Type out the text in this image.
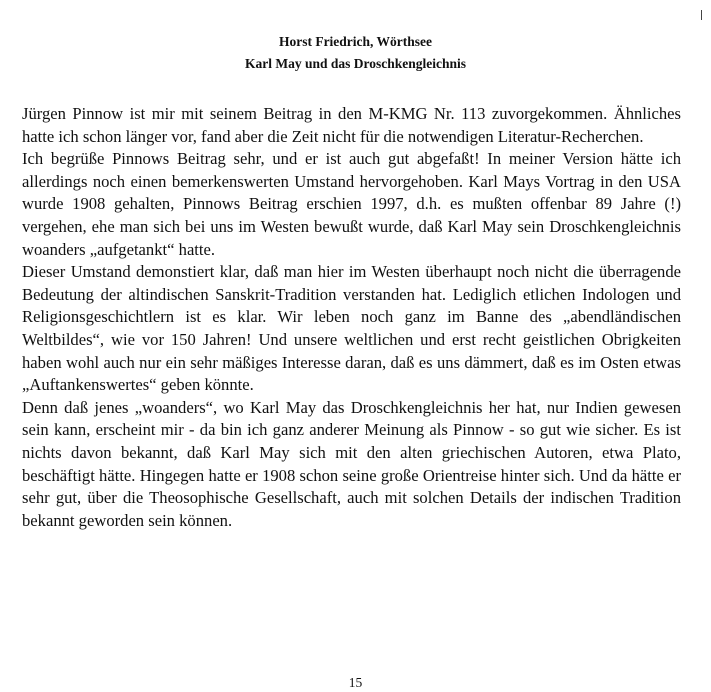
Horst Friedrich, Wörthsee
Karl May und das Droschkengleichnis

Jürgen Pinnow ist mir mit seinem Beitrag in den M-KMG Nr. 113 zuvorgekommen. Ähnliches hatte ich schon länger vor, fand aber die Zeit nicht für die notwendigen Literatur-Recherchen.

Ich begrüße Pinnows Beitrag sehr, und er ist auch gut abgefaßt! In meiner Version hätte ich allerdings noch einen bemerkenswerten Umstand hervorgehoben. Karl Mays Vortrag in den USA wurde 1908 gehalten, Pinnows Beitrag erschien 1997, d.h. es mußten offenbar 89 Jahre (!) vergehen, ehe man sich bei uns im Westen bewußt wurde, daß Karl May sein Droschkengleichnis woanders „aufgetankt“ hatte.

Dieser Umstand demonstiert klar, daß man hier im Westen überhaupt noch nicht die überragende Bedeutung der altindischen Sanskrit-Tradition verstanden hat. Lediglich etlichen Indologen und Religionsgeschichtlern ist es klar. Wir leben noch ganz im Banne des „abendländischen Weltbildes“, wie vor 150 Jahren! Und unsere weltlichen und erst recht geistlichen Obrigkeiten haben wohl auch nur ein sehr mäßiges Interesse daran, daß es uns dämmert, daß es im Osten etwas „Auftankenswertes“ geben könnte.

Denn daß jenes „woanders“, wo Karl May das Droschkengleichnis her hat, nur Indien gewesen sein kann, erscheint mir - da bin ich ganz anderer Meinung als Pinnow - so gut wie sicher. Es ist nichts davon bekannt, daß Karl May sich mit den alten griechischen Autoren, etwa Plato, beschäftigt hätte. Hingegen hatte er 1908 schon seine große Orientreise hinter sich. Und da hätte er sehr gut, über die Theosophische Gesellschaft, auch mit solchen Details der indischen Tradition bekannt geworden sein können.

15
